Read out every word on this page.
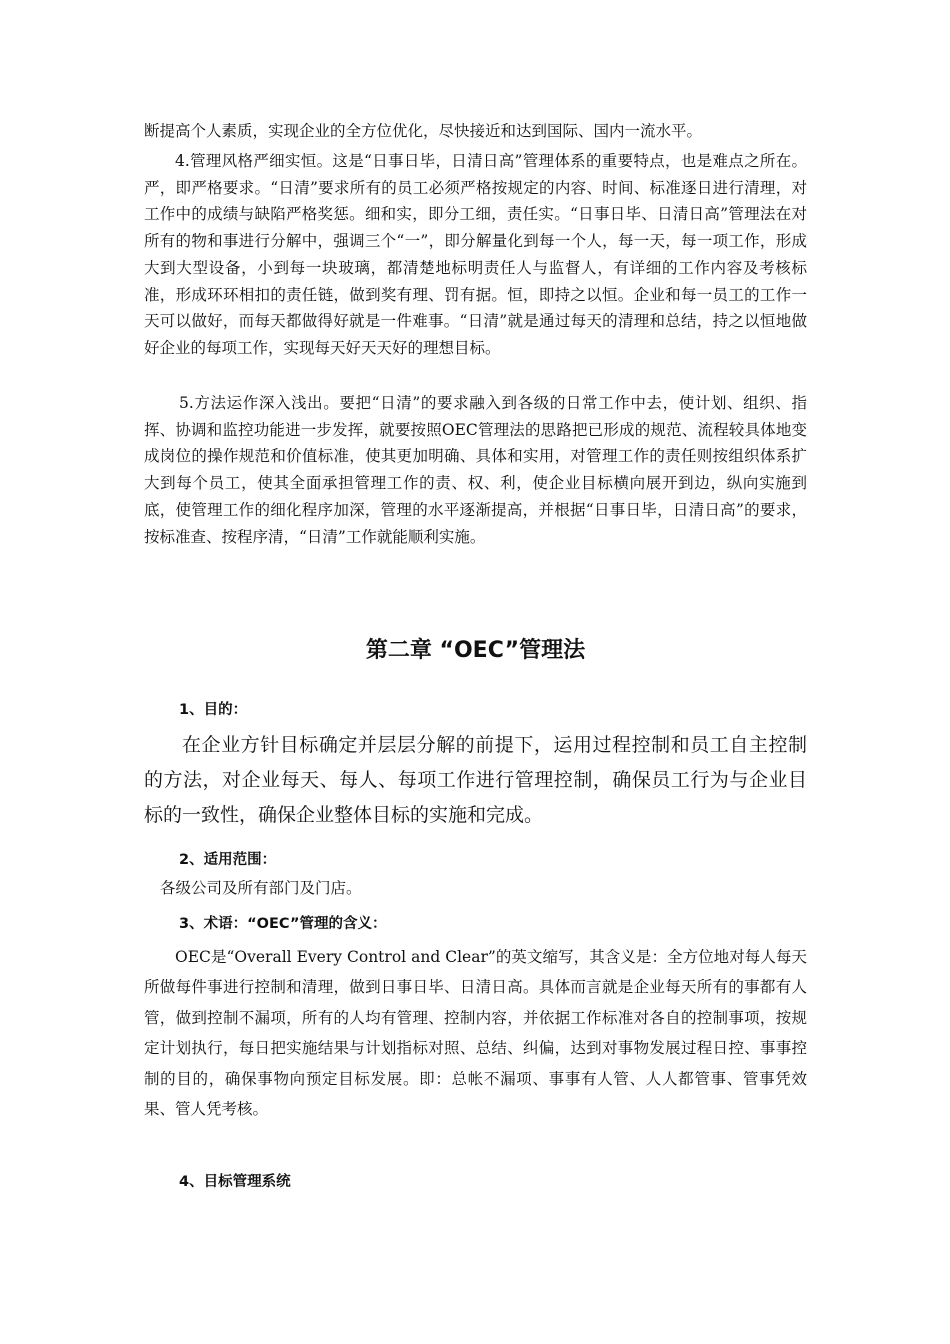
断提高个人素质，实现企业的全方位优化，尽快接近和达到国际、国内一流水平。

4.管理风格严细实恒。这是“日事日毕，日清日高”管理体系的重要特点，也是难点之所在。严，即严格要求。“日清”要求所有的员工必须严格按规定的内容、时间、标准逐日进行清理，对工作中的成绩与缺陷严格奖惩。细和实，即分工细，责任实。“日事日毕、日清日高”管理法在对所有的物和事进行分解中，强调三个“一”，即分解量化到每一个人，每一天，每一项工作，形成大到大型设备，小到每一块玻璃，都清楚地标明责任人与监督人，有详细的工作内容及考核标准，形成环环相扣的责任链，做到奖有理、罚有据。恒，即持之以恒。企业和每一员工的工作一天可以做好，而每天都做得好就是一件难事。“日清”就是通过每天的清理和总结，持之以恒地做好企业的每项工作，实现每天好天天好的理想目标。

5.方法运作深入浅出。要把“日清”的要求融入到各级的日常工作中去，使计划、组织、指挥、协调和监控功能进一步发挥，就要按照OEC管理法的思路把已形成的规范、流程较具体地变成岗位的操作规范和价值标准，使其更加明确、具体和实用，对管理工作的责任则按组织体系扩大到每个员工，使其全面承担管理工作的责、权、利，使企业目标横向展开到边，纵向实施到底，使管理工作的细化程序加深，管理的水平逐渐提高，并根据“日事日毕，日清日高”的要求，按标准查、按程序清，“日清”工作就能顺利实施。

第二章 “OEC”管理法
1、目的：

在企业方针目标确定并层层分解的前提下，运用过程控制和员工自主控制的方法，对企业每天、每人、每项工作进行管理控制，确保员工行为与企业目标的一致性，确保企业整体目标的实施和完成。

2、适用范围：

各级公司及所有部门及门店。

3、术语：“OEC”管理的含义：

OEC是“Overall Every Control and Clear”的英文缩写，其含义是：全方位地对每人每天所做每件事进行控制和清理，做到日事日毕、日清日高。具体而言就是企业每天所有的事都有人管，做到控制不漏项，所有的人均有管理、控制内容，并依据工作标准对各自的控制事项，按规定计划执行，每日把实施结果与计划指标对照、总结、纠偏，达到对事物发展过程日控、事事控制的目的，确保事物向预定目标发展。即：总帐不漏项、事事有人管、人人都管事、管事凭效果、管人凭考核。

4、目标管理系统
